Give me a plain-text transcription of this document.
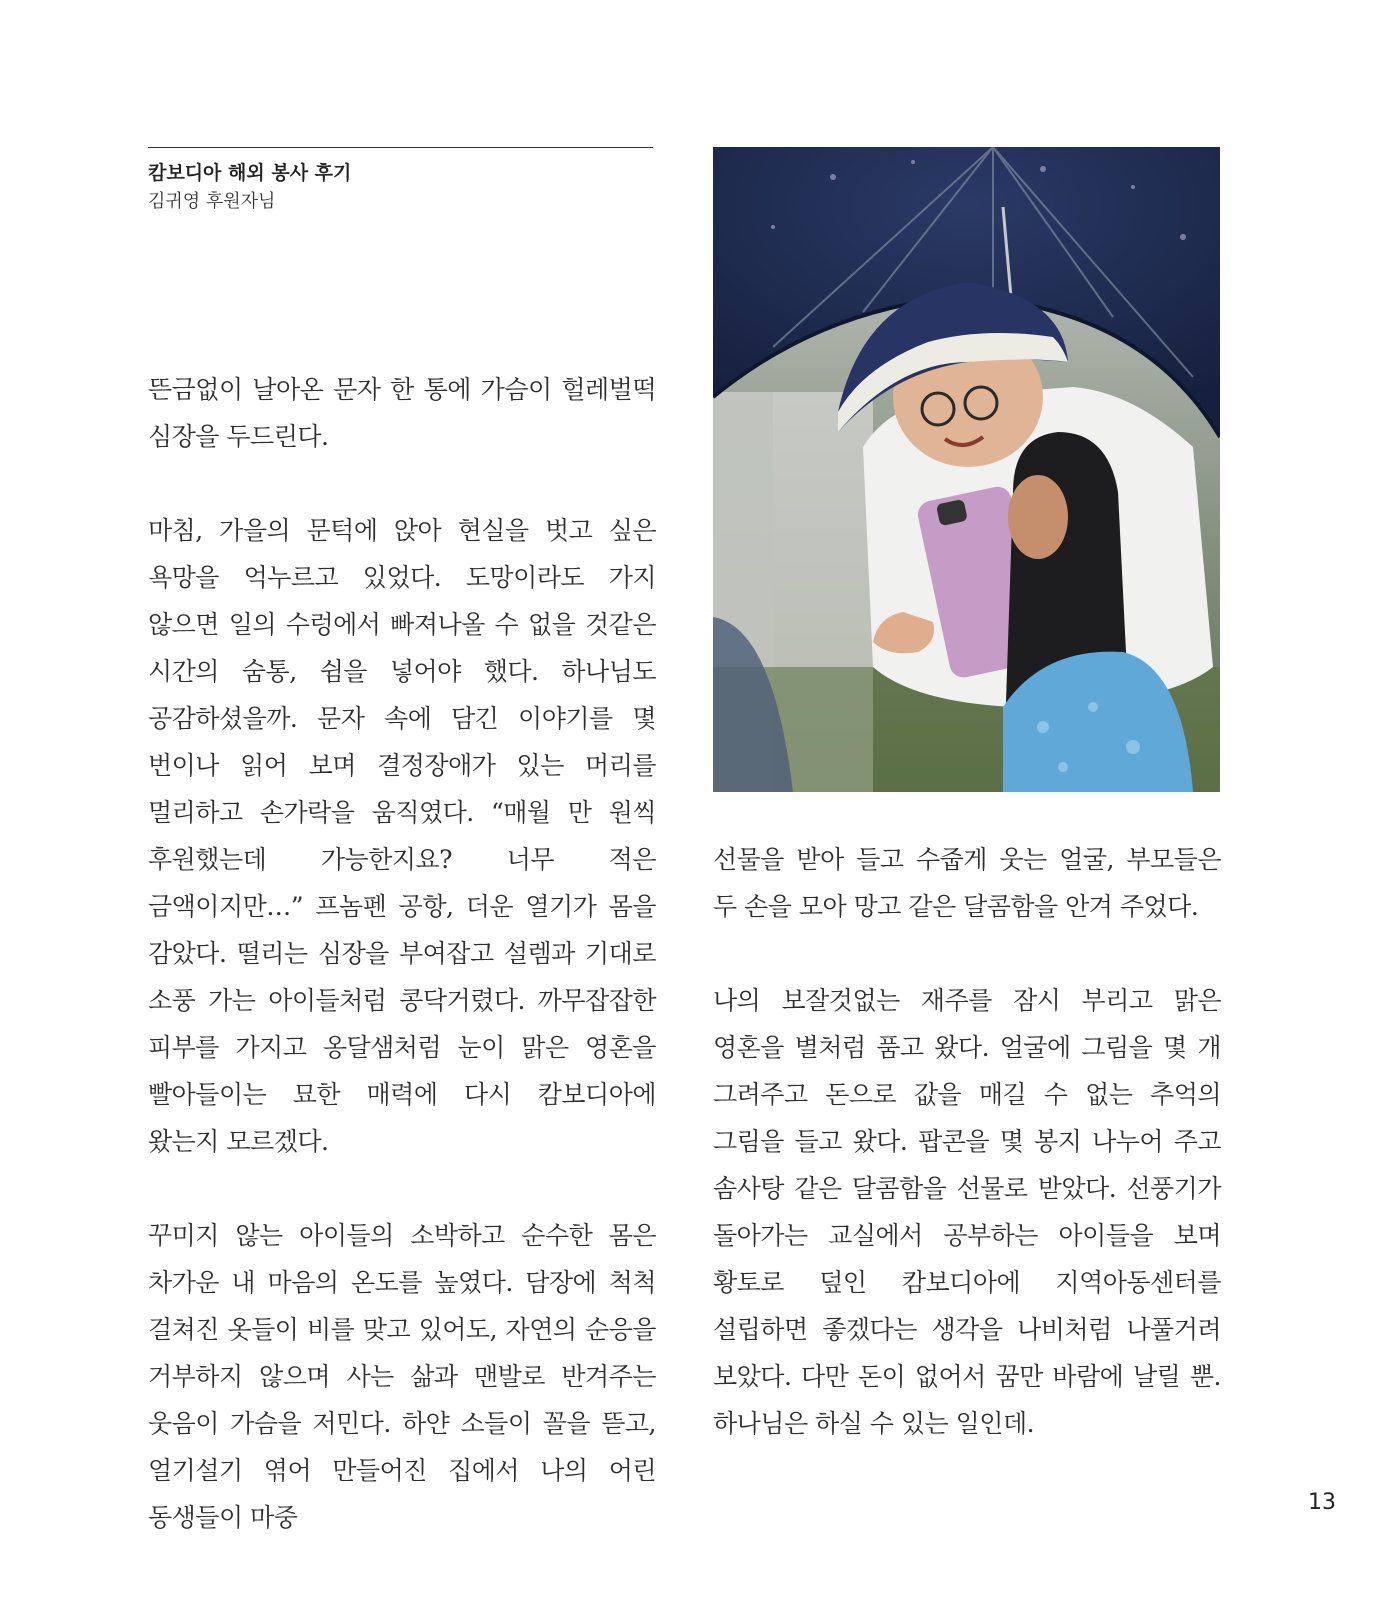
캄보디아 해외 봉사 후기
김귀영 후원자님

뜬금없이 날아온 문자 한 통에 가슴이 헐레벌떡 심장을 두드린다.

마침, 가을의 문턱에 앉아 현실을 벗고 싶은 욕망을 억누르고 있었다. 도망이라도 가지 않으면 일의 수렁에서 빠져나올 수 없을 것같은 시간의 숨통, 쉼을 넣어야 했다. 하나님도 공감하셨을까. 문자 속에 담긴 이야기를 몇 번이나 읽어 보며 결정장애가 있는 머리를 멀리하고 손가락을 움직였다. “매월 만 원씩 후원했는데 가능한지요? 너무 적은 금액이지만…” 프놈펜 공항, 더운 열기가 몸을 감았다. 떨리는 심장을 부여잡고 설렘과 기대로 소풍 가는 아이들처럼 콩닥거렸다. 까무잡잡한 피부를 가지고 옹달샘처럼 눈이 맑은 영혼을 빨아들이는 묘한 매력에 다시 캄보디아에 왔는지 모르겠다.

꾸미지 않는 아이들의 소박하고 순수한 몸은 차가운 내 마음의 온도를 높였다. 담장에 척척 걸쳐진 옷들이 비를 맞고 있어도, 자연의 순응을 거부하지 않으며 사는 삶과 맨발로 반겨주는 웃음이 가슴을 저민다. 하얀 소들이 꼴을 뜯고, 얼기설기 엮어 만들어진 집에서 나의 어린 동생들이 마중

선물을 받아 들고 수줍게 웃는 얼굴, 부모들은 두 손을 모아 망고 같은 달콤함을 안겨 주었다.

나의 보잘것없는 재주를 잠시 부리고 맑은 영혼을 별처럼 품고 왔다. 얼굴에 그림을 몇 개 그려주고 돈으로 값을 매길 수 없는 추억의 그림을 들고 왔다. 팝콘을 몇 봉지 나누어 주고 솜사탕 같은 달콤함을 선물로 받았다. 선풍기가 돌아가는 교실에서 공부하는 아이들을 보며 황토로 덮인 캄보디아에 지역아동센터를 설립하면 좋겠다는 생각을 나비처럼 나풀거려 보았다. 다만 돈이 없어서 꿈만 바람에 날릴 뿐. 하나님은 하실 수 있는 일인데.

13
